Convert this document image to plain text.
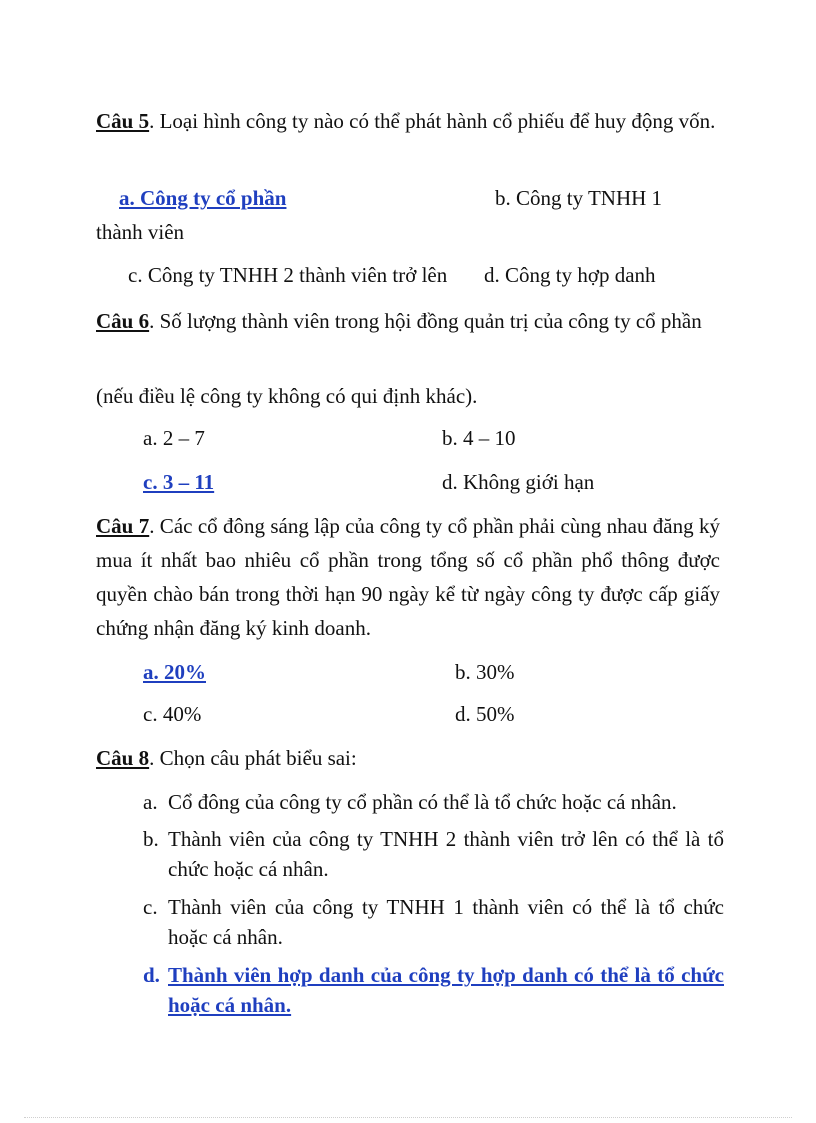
Câu 5. Loại hình công ty nào có thể phát hành cổ phiếu để huy động vốn.
a. Công ty cổ phần	b. Công ty TNHH 1
thành viên
c. Công ty TNHH 2 thành viên trở lên d. Công ty hợp danh
Câu 6. Số lượng thành viên trong hội đồng quản trị của công ty cổ phần
(nếu điều lệ công ty không có qui định khác).
a. 2 – 7	b. 4 – 10
c. 3 – 11	d. Không giới hạn
Câu 7. Các cổ đông sáng lập của công ty cổ phần phải cùng nhau đăng ký mua ít nhất bao nhiêu cổ phần trong tổng số cổ phần phổ thông được quyền chào bán trong thời hạn 90 ngày kể từ ngày công ty được cấp giấy chứng nhận đăng ký kinh doanh.
a. 20%	b. 30%
c. 40%	d. 50%
Câu 8. Chọn câu phát biểu sai:
a. Cổ đông của công ty cổ phần có thể là tổ chức hoặc cá nhân.
b. Thành viên của công ty TNHH 2 thành viên trở lên có thể là tổ chức hoặc cá nhân.
c. Thành viên của công ty TNHH 1 thành viên có thể là tổ chức hoặc cá nhân.
d. Thành viên hợp danh của công ty hợp danh có thể là tổ chức hoặc cá nhân.
